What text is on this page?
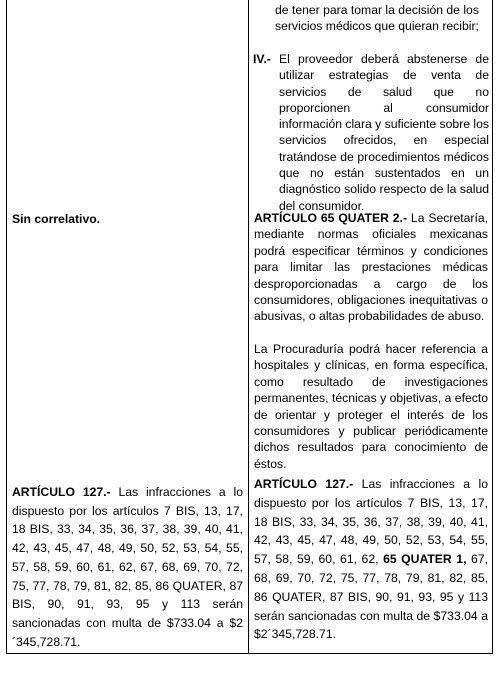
Sin correlativo.
ARTÍCULO 127.- Las infracciones a lo dispuesto por los artículos 7 BIS, 13, 17, 18 BIS, 33, 34, 35, 36, 37, 38, 39, 40, 41, 42, 43, 45, 47, 48, 49, 50, 52, 53, 54, 55, 57, 58, 59, 60, 61, 62, 67, 68, 69, 70, 72, 75, 77, 78, 79, 81, 82, 85, 86 QUATER, 87 BIS, 90, 91, 93, 95 y 113 serán sancionadas con multa de $733.04 a $2´345,728.71.
de tener para tomar la decisión de los servicios médicos que quieran recibir;
IV.- El proveedor deberá abstenerse de utilizar estrategias de venta de servicios de salud que no proporcionen al consumidor información clara y suficiente sobre los servicios ofrecidos, en especial tratándose de procedimientos médicos que no están sustentados en un diagnóstico solido respecto de la salud del consumidor.
ARTÍCULO 65 QUATER 2.- La Secretaría, mediante normas oficiales mexicanas podrá especificar términos y condiciones para limitar las prestaciones médicas desproporcionadas a cargo de los consumidores, obligaciones inequitativas o abusivas, o altas probabilidades de abuso.
La Procuraduría podrá hacer referencia a hospitales y clínicas, en forma específica, como resultado de investigaciones permanentes, técnicas y objetivas, a efecto de orientar y proteger el interés de los consumidores y publicar periódicamente dichos resultados para conocimiento de éstos.
ARTÍCULO 127.- Las infracciones a lo dispuesto por los artículos 7 BIS, 13, 17, 18 BIS, 33, 34, 35, 36, 37, 38, 39, 40, 41, 42, 43, 45, 47, 48, 49, 50, 52, 53, 54, 55, 57, 58, 59, 60, 61, 62, 65 QUATER 1, 67, 68, 69, 70, 72, 75, 77, 78, 79, 81, 82, 85, 86 QUATER, 87 BIS, 90, 91, 93, 95 y 113 serán sancionadas con multa de $733.04 a $2´345,728.71.
